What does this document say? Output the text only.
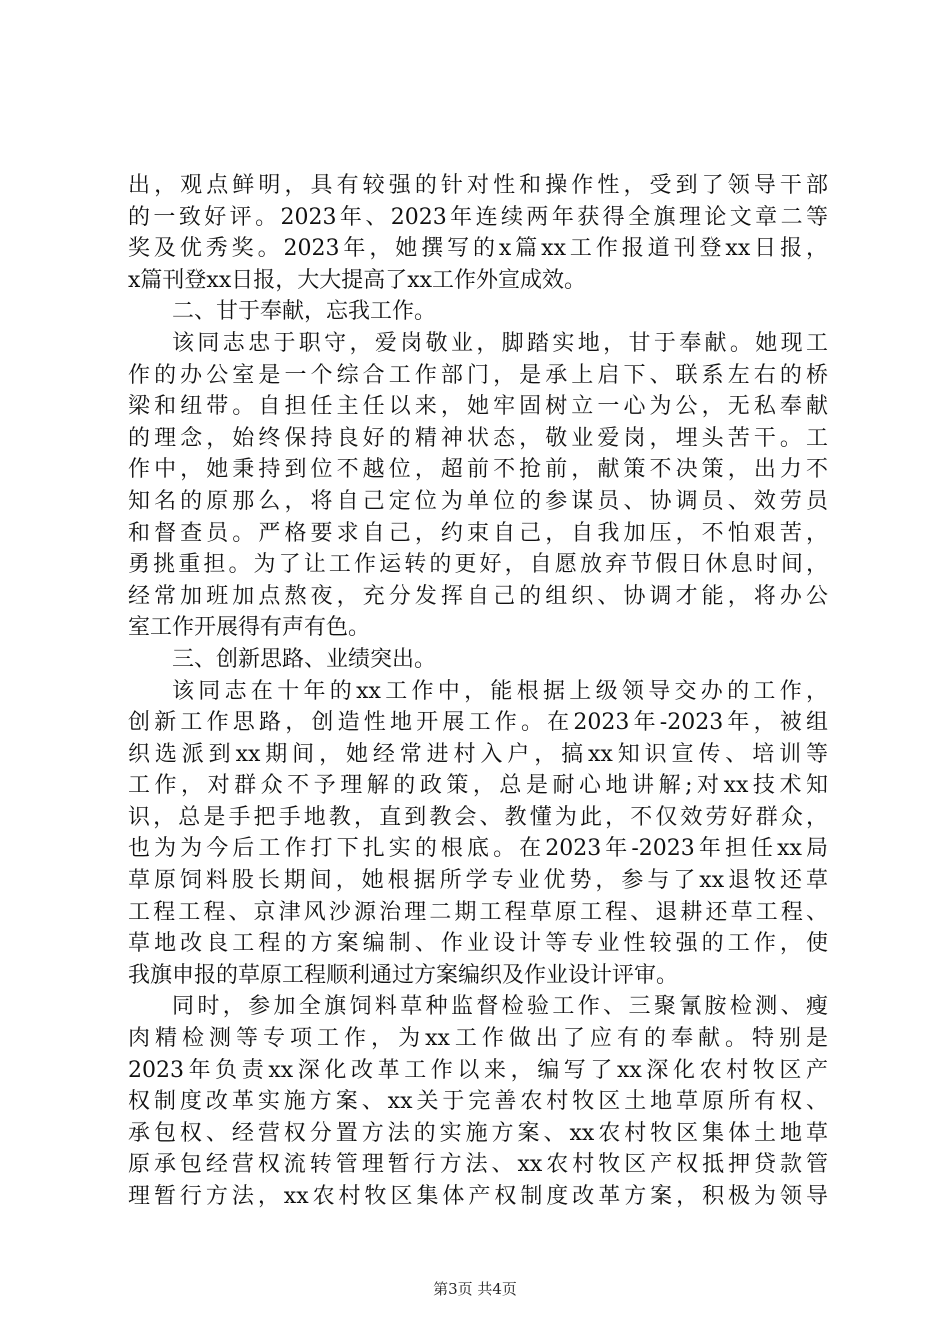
出，观点鲜明，具有较强的针对性和操作性，受到了领导干部
的一致好评。2023年、2023年连续两年获得全旗理论文章二等
奖及优秀奖。2023年，她撰写的x篇xx工作报道刊登xx日报，
x篇刊登xx日报，大大提高了xx工作外宣成效。
二、甘于奉献，忘我工作。
该同志忠于职守，爱岗敬业，脚踏实地，甘于奉献。她现工
作的办公室是一个综合工作部门，是承上启下、联系左右的桥
梁和纽带。自担任主任以来，她牢固树立一心为公，无私奉献
的理念，始终保持良好的精神状态，敬业爱岗，埋头苦干。工
作中，她秉持到位不越位，超前不抢前，献策不决策，出力不
知名的原那么，将自己定位为单位的参谋员、协调员、效劳员
和督查员。严格要求自己，约束自己，自我加压，不怕艰苦，
勇挑重担。为了让工作运转的更好，自愿放弃节假日休息时间，
经常加班加点熬夜，充分发挥自己的组织、协调才能，将办公
室工作开展得有声有色。
三、创新思路、业绩突出。
该同志在十年的xx工作中，能根据上级领导交办的工作，
创新工作思路，创造性地开展工作。在2023年-2023年，被组
织选派到xx期间，她经常进村入户，搞xx知识宣传、培训等
工作，对群众不予理解的政策，总是耐心地讲解;对xx技术知
识，总是手把手地教，直到教会、教懂为此，不仅效劳好群众，
也为为今后工作打下扎实的根底。在2023年-2023年担任xx局
草原饲料股长期间，她根据所学专业优势，参与了xx退牧还草
工程工程、京津风沙源治理二期工程草原工程、退耕还草工程、
草地改良工程的方案编制、作业设计等专业性较强的工作，使
我旗申报的草原工程顺利通过方案编织及作业设计评审。
同时，参加全旗饲料草种监督检验工作、三聚氰胺检测、瘦
肉精检测等专项工作，为xx工作做出了应有的奉献。特别是
2023年负责xx深化改革工作以来，编写了xx深化农村牧区产
权制度改革实施方案、xx关于完善农村牧区土地草原所有权、
承包权、经营权分置方法的实施方案、xx农村牧区集体土地草
原承包经营权流转管理暂行方法、xx农村牧区产权抵押贷款管
理暂行方法，xx农村牧区集体产权制度改革方案，积极为领导
第3页 共4页
